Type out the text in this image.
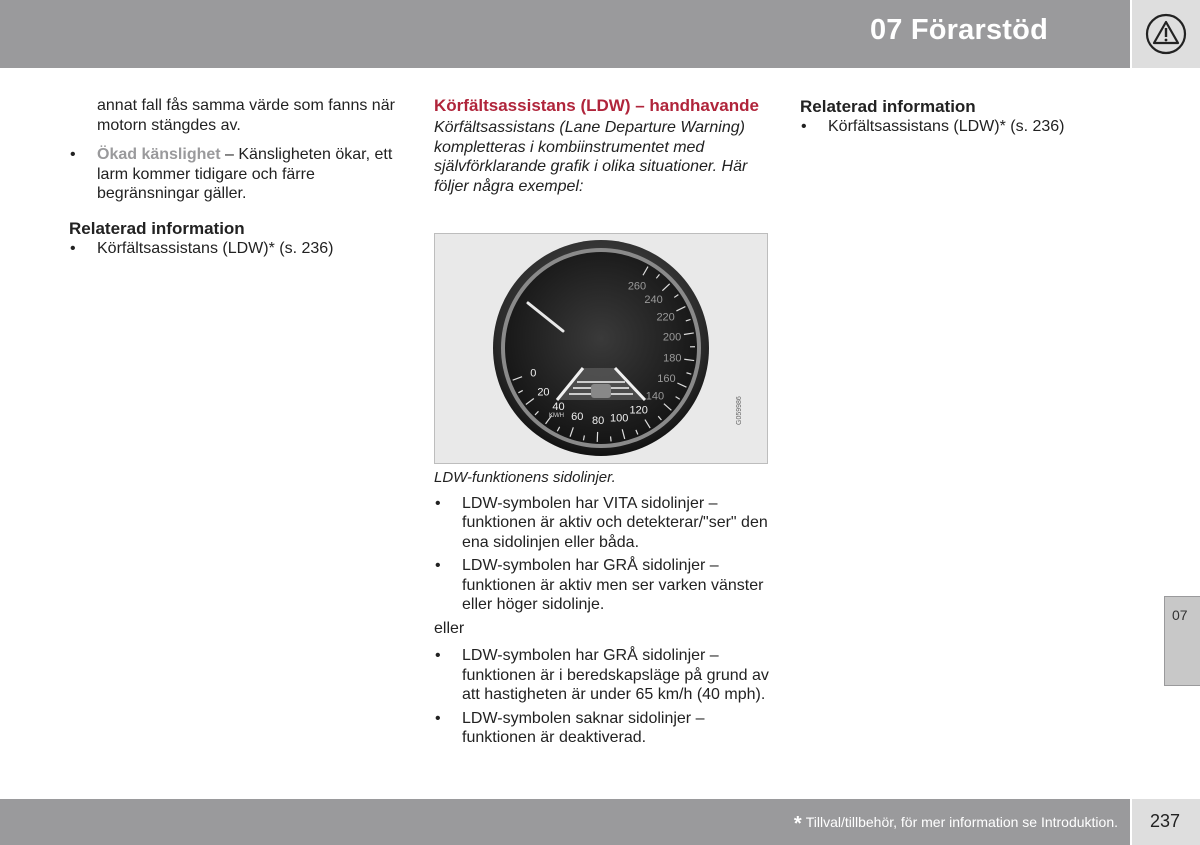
07 Förarstöd

annat fall fås samma värde som fanns när motorn stängdes av.

• Ökad känslighet – Känsligheten ökar, ett larm kommer tidigare och färre begränsningar gäller.

Relaterad information

• Körfältsassistans (LDW)* (s. 236)

Körfältsassistans (LDW) – handhavande

Körfältsassistans (Lane Departure Warning) kompletteras i kombiinstrumentet med självförklarande grafik i olika situationer. Här följer några exempel:

0
20
40
60 80 100
120
140
160
180
200
220
240
260
KM/H	G059986

LDW-funktionens sidolinjer.

• LDW-symbolen har VITA sidolinjer – funktionen är aktiv och detekterar/"ser" den ena sidolinjen eller båda.
• LDW-symbolen har GRÅ sidolinjer – funktionen är aktiv men ser varken vänster eller höger sidolinje.

eller

• LDW-symbolen har GRÅ sidolinjer – funktionen är i beredskapsläge på grund av att hastigheten är under 65 km/h (40 mph).
• LDW-symbolen saknar sidolinjer – funktionen är deaktiverad.

Relaterad information

• Körfältsassistans (LDW)* (s. 236)
07
* Tillval/tillbehör, för mer information se Introduktion. 237
